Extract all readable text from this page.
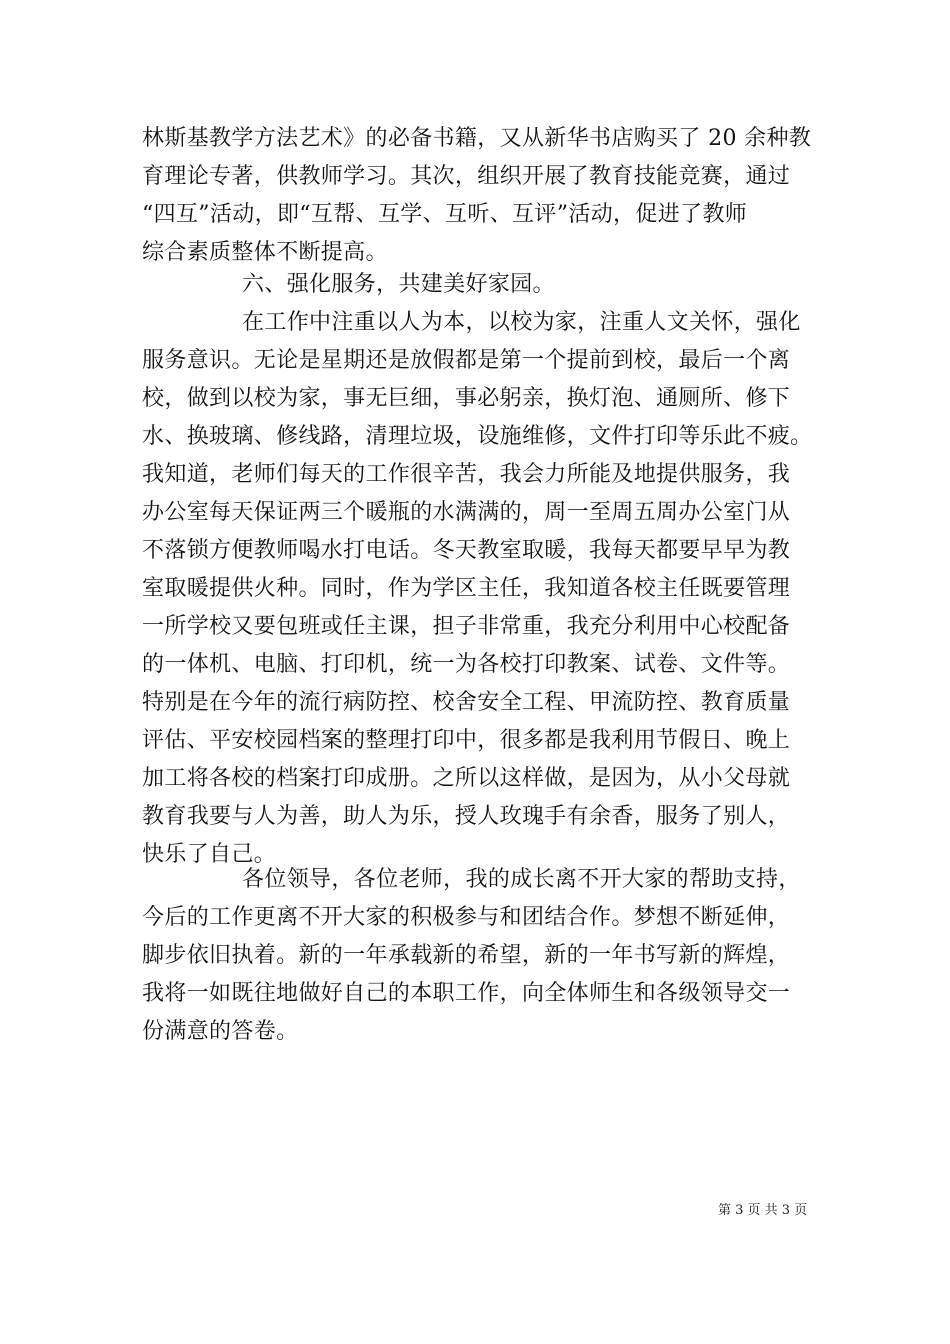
林斯基教学方法艺术》的必备书籍，又从新华书店购买了 20 余种教
育理论专著，供教师学习。其次，组织开展了教育技能竞赛，通过
“四互”活动，即“互帮、互学、互听、互评”活动，促进了教师
综合素质整体不断提高。
六、强化服务，共建美好家园。
在工作中注重以人为本，以校为家，注重人文关怀，强化
服务意识。无论是星期还是放假都是第一个提前到校，最后一个离
校，做到以校为家，事无巨细，事必躬亲，换灯泡、通厕所、修下
水、换玻璃、修线路，清理垃圾，设施维修，文件打印等乐此不疲。
我知道，老师们每天的工作很辛苦，我会力所能及地提供服务，我
办公室每天保证两三个暖瓶的水满满的，周一至周五周办公室门从
不落锁方便教师喝水打电话。冬天教室取暖，我每天都要早早为教
室取暖提供火种。同时，作为学区主任，我知道各校主任既要管理
一所学校又要包班或任主课，担子非常重，我充分利用中心校配备
的一体机、电脑、打印机，统一为各校打印教案、试卷、文件等。
特别是在今年的流行病防控、校舍安全工程、甲流防控、教育质量
评估、平安校园档案的整理打印中，很多都是我利用节假日、晚上
加工将各校的档案打印成册。之所以这样做，是因为，从小父母就
教育我要与人为善，助人为乐，授人玫瑰手有余香，服务了别人，
快乐了自己。
各位领导，各位老师，我的成长离不开大家的帮助支持，
今后的工作更离不开大家的积极参与和团结合作。梦想不断延伸，
脚步依旧执着。新的一年承载新的希望，新的一年书写新的辉煌，
我将一如既往地做好自己的本职工作，向全体师生和各级领导交一
份满意的答卷。
第 3 页 共 3 页
